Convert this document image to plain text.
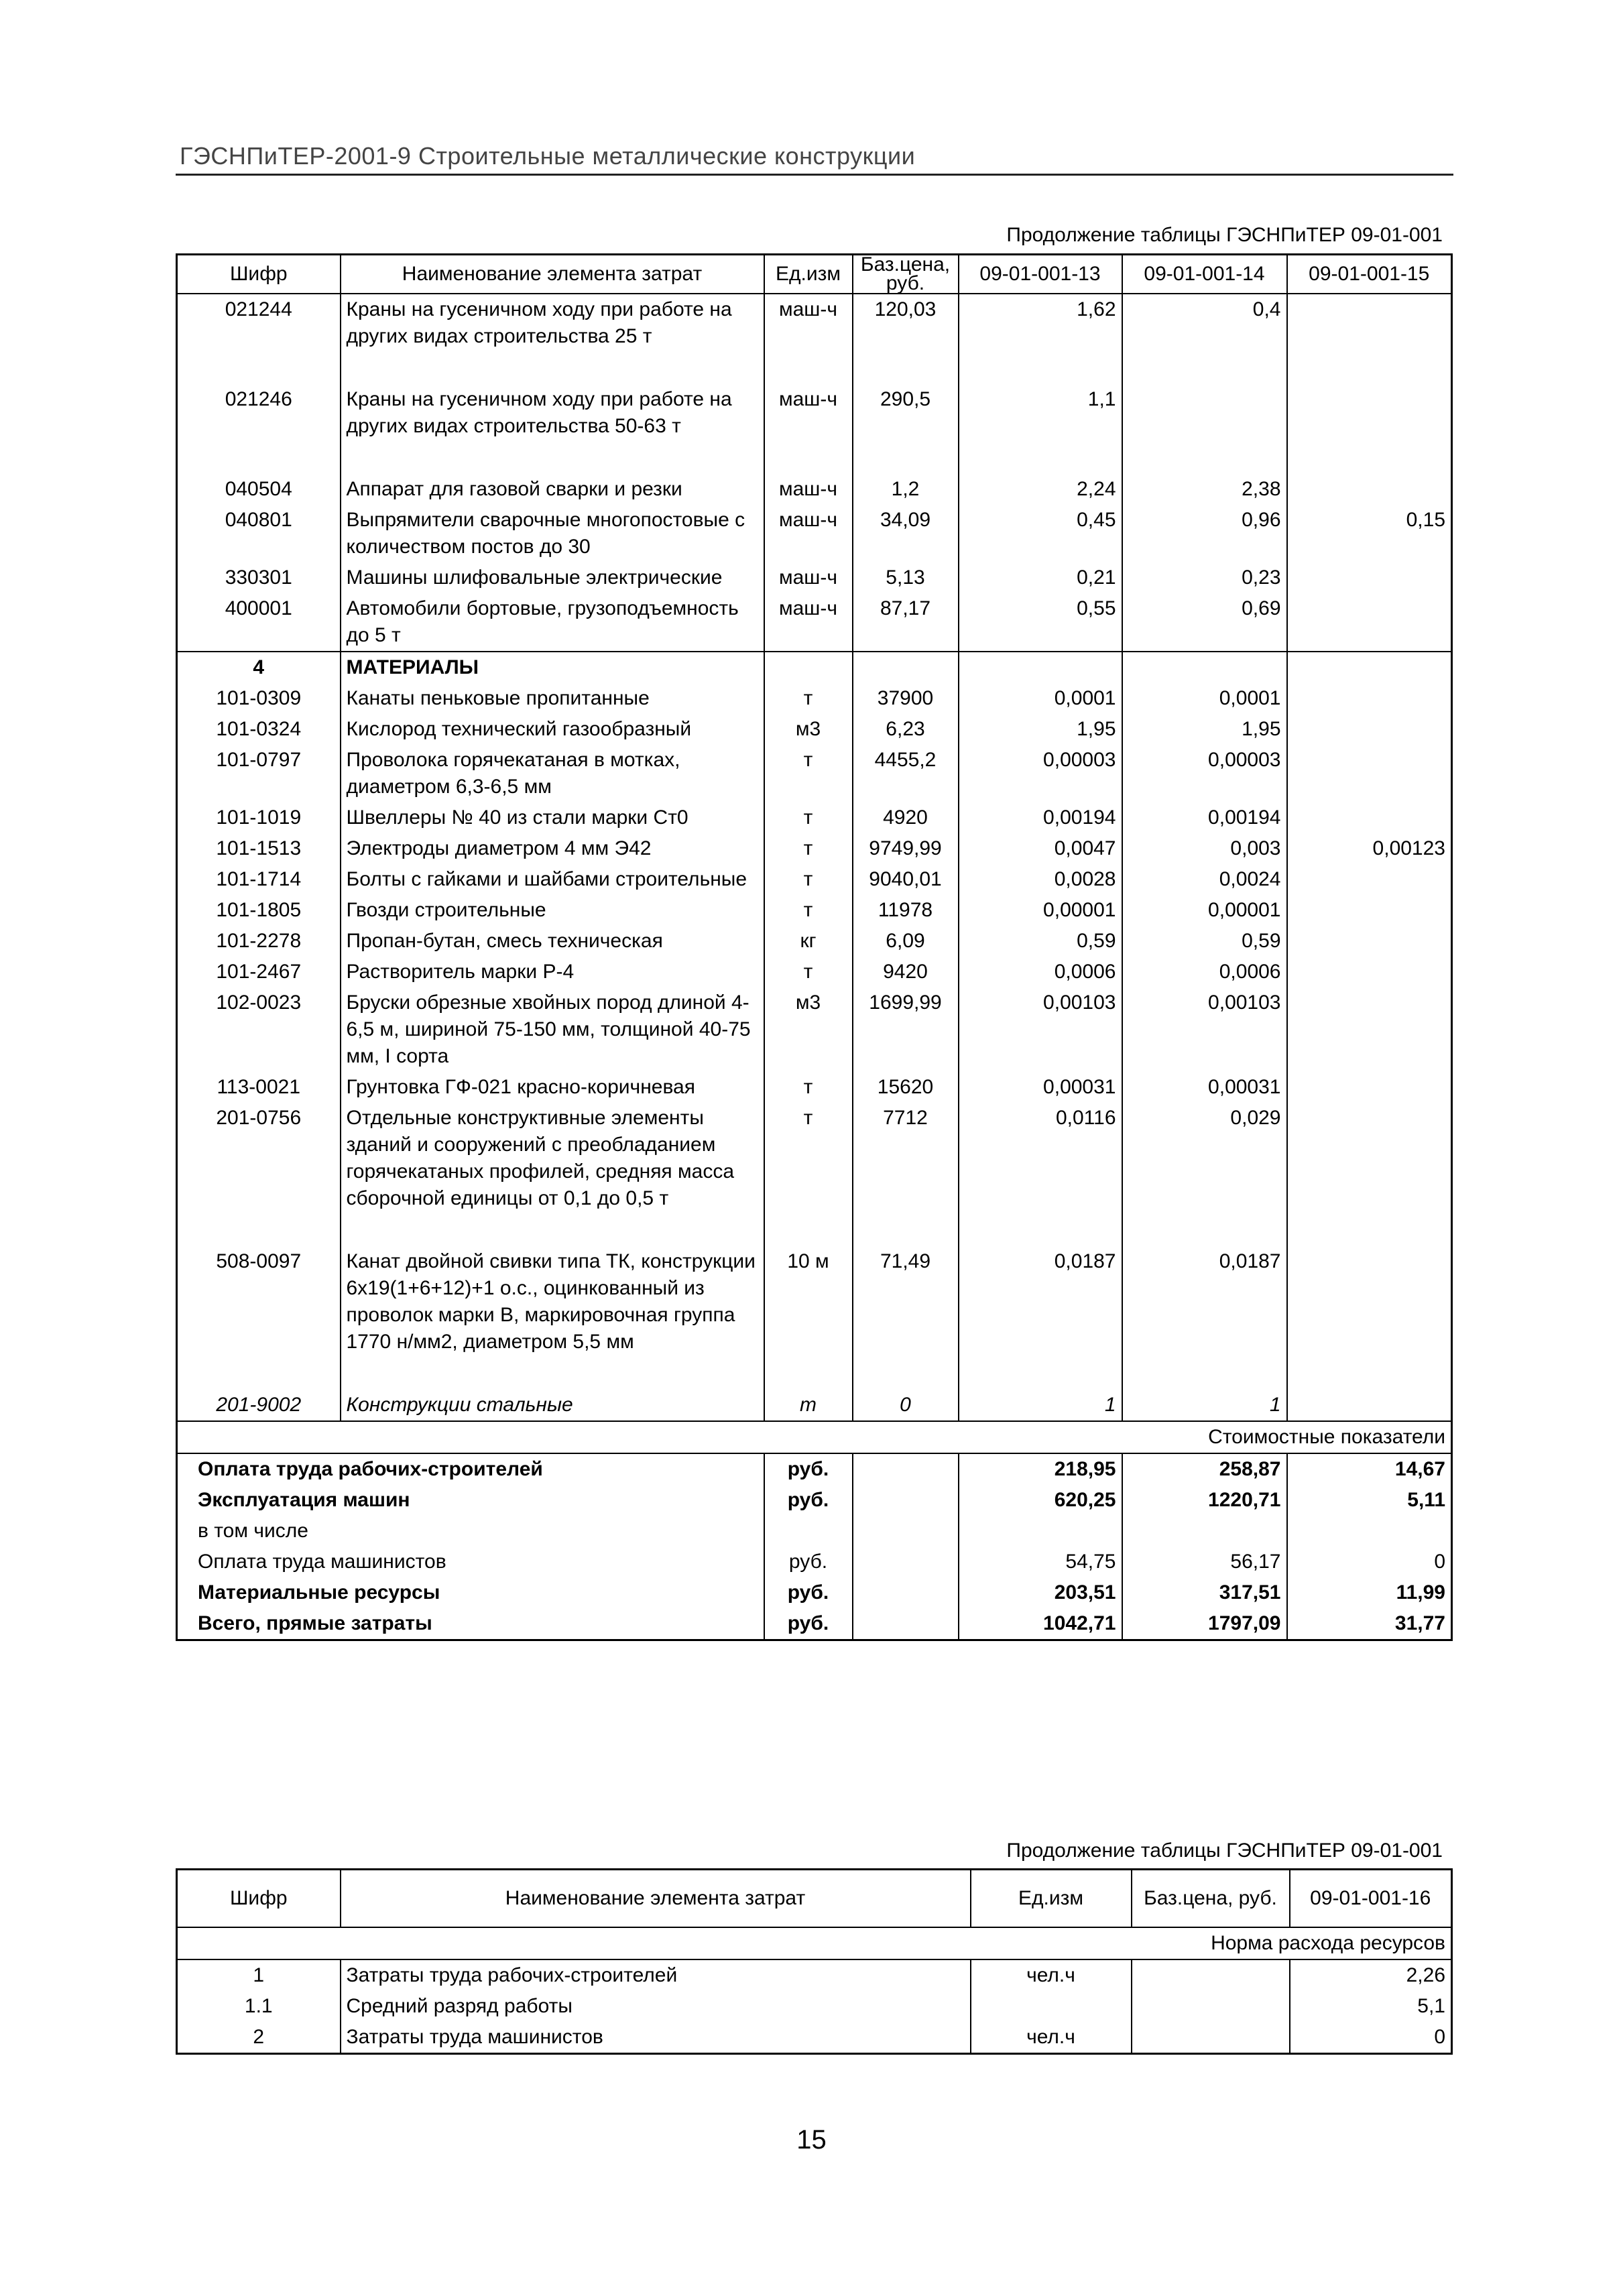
ГЭСНПиТЕР-2001-9 Строительные металлические конструкции
Продолжение таблицы ГЭСНПиТЕР 09-01-001
Шифр	Наименование элемента затрат	Ед.изм	Баз.цена, руб.	09-01-001-13	09-01-001-14	09-01-001-15
021244	Краны на гусеничном ходу при работе на других видах строительства 25 т	маш-ч	120,03	1,62	0,4	

021246	Краны на гусеничном ходу при работе на других видах строительства 50-63 т	маш-ч	290,5	1,1		

040504	Аппарат для газовой сварки и резки	маш-ч	1,2	2,24	2,38	
040801	Выпрямители сварочные многопостовые с количеством постов до 30	маш-ч	34,09	0,45	0,96	0,15
330301	Машины шлифовальные электрические	маш-ч	5,13	0,21	0,23	
400001	Автомобили бортовые, грузоподъемность до 5 т	маш-ч	87,17	0,55	0,69	
4	МАТЕРИАЛЫ					
101-0309	Канаты пеньковые пропитанные	т	37900	0,0001	0,0001	
101-0324	Кислород технический газообразный	м3	6,23	1,95	1,95	
101-0797	Проволока горячекатаная в мотках, диаметром 6,3-6,5 мм	т	4455,2	0,00003	0,00003	
101-1019	Швеллеры № 40 из стали марки Ст0	т	4920	0,00194	0,00194	
101-1513	Электроды диаметром 4 мм Э42	т	9749,99	0,0047	0,003	0,00123
101-1714	Болты с гайками и шайбами строительные	т	9040,01	0,0028	0,0024	
101-1805	Гвозди строительные	т	11978	0,00001	0,00001	
101-2278	Пропан-бутан, смесь техническая	кг	6,09	0,59	0,59	
101-2467	Растворитель марки Р-4	т	9420	0,0006	0,0006	
102-0023	Бруски обрезные хвойных пород длиной 4-6,5 м, шириной 75-150 мм, толщиной 40-75 мм, I сорта	м3	1699,99	0,00103	0,00103	
113-0021	Грунтовка ГФ-021 красно-коричневая	т	15620	0,00031	0,00031	
201-0756	Отдельные конструктивные элементы зданий и сооружений с преобладанием горячекатаных профилей, средняя масса сборочной единицы от 0,1 до 0,5 т	т	7712	0,0116	0,029	

508-0097	Канат двойной свивки типа ТК, конструкции 6х19(1+6+12)+1 о.с., оцинкованный из проволок марки В, маркировочная группа 1770 н/мм2, диаметром 5,5 мм	10 м	71,49	0,0187	0,0187	

201-9002	Конструкции стальные	т	0	1	1	
Стоимостные показатели						
Оплата труда рабочих-строителей		руб.		218,95	258,87	14,67
Эксплуатация машин		руб.		620,25	1220,71	5,11
в том числе						
Оплата труда машинистов		руб.		54,75	56,17	0
Материальные ресурсы		руб.		203,51	317,51	11,99
Всего, прямые затраты		руб.		1042,71	1797,09	31,77
Продолжение таблицы ГЭСНПиТЕР 09-01-001
Шифр	Наименование элемента затрат	Ед.изм	Баз.цена, руб.	09-01-001-16
Норма расхода ресурсов				
1	Затраты труда рабочих-строителей	чел.ч		2,26
1.1	Средний разряд работы			5,1
2	Затраты труда машинистов	чел.ч		0
15
